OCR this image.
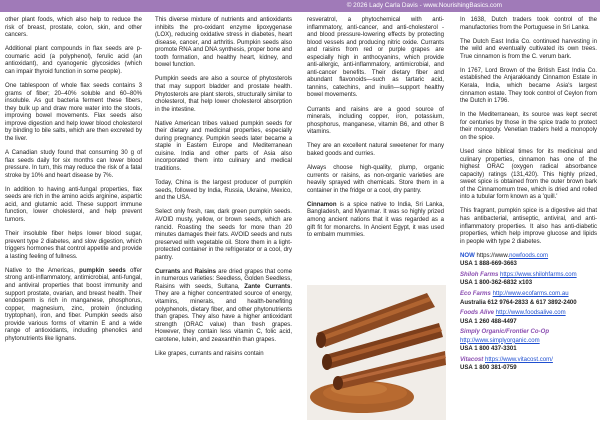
© 2026 Lady Carla Davis - www.NourishingBasics.com

other plant foods, which also help to reduce the risk of breast, prostate, colon, skin, and other cancers.

Additional plant compounds in flax seeds are p-coumaric acid (a polyphenol), ferulic acid (an antioxidant), and cyanogenic glycosides (which can impair thyroid function in some people).

One tablespoon of whole flax seeds contains 3 grams of fiber; 20–40% soluble and 60–80% insoluble. As gut bacteria ferment these fibers, they bulk up and draw more water into the stools, improving bowel movements. Flax seeds also improve digestion and help lower blood cholesterol by binding to bile salts, which are then excreted by the liver.

A Canadian study found that consuming 30 g of flax seeds daily for six months can lower blood pressure. In turn, this may reduce the risk of a fatal stroke by 10% and heart disease by 7%.

In addition to having anti-fungal properties, flax seeds are rich in the amino acids arginine, aspartic acid, and glutamic acid. These support immune function, lower cholesterol, and help prevent tumors.

Their insoluble fiber helps lower blood sugar, prevent type 2 diabetes, and slow digestion, which triggers hormones that control appetite and provide a lasting feeling of fullness.

Native to the Americas, pumpkin seeds offer strong anti-inflammatory, antimicrobial, anti-fungal, and antiviral properties that boost immunity and support prostate, ovarian, and breast health. Their endosperm is rich in manganese, phosphorus, copper, magnesium, zinc, protein (including tryptophan), iron, and fiber. Pumpkin seeds also provide various forms of vitamin E and a wide range of antioxidants, including phenolics and phytonutrients like lignans.

This diverse mixture of nutrients and antioxidants inhibits the pro-oxidant enzyme lipoxygenase (LOX), reducing oxidative stress in diabetes, heart disease, cancer, and arthritis. Pumpkin seeds also promote RNA and DNA synthesis, proper bone and tooth formation, and healthy heart, kidney, and bowel function.

Pumpkin seeds are also a source of phytosterols that may support bladder and prostate health. Phytosterols are plant sterols, structurally similar to cholesterol, that help lower cholesterol absorption in the intestine.

Native American tribes valued pumpkin seeds for their dietary and medicinal properties, especially during pregnancy. Pumpkin seeds later became a staple in Eastern Europe and Mediterranean cuisine. India and other parts of Asia also incorporated them into culinary and medical traditions.

Today, China is the largest producer of pumpkin seeds, followed by India, Russia, Ukraine, Mexico, and the USA.

Select only fresh, raw, dark green pumpkin seeds. AVOID musty, yellow, or brown seeds, which are rancid. Roasting the seeds for more than 20 minutes damages their fats. AVOID seeds and nuts preserved with vegetable oil. Store them in a light-protected container in the refrigerator or a cool, dry pantry.

Currants and Raisins are dried grapes that come in numerous varieties: Seedless, Golden Seedless, Raisins with seeds, Sultana, Zante Currants. They are a higher concentrated source of energy, vitamins, minerals, and health-benefiting polyphenols, dietary fiber, and other phytonutrients than grapes. They also have a higher antioxidant strength (ORAC value) than fresh grapes. However, they contain less vitamin C, folic acid, carotene, lutein, and zeaxanthin than grapes.

Like grapes, currants and raisins contain

resveratrol, a phytochemical with anti-inflammatory, anti-cancer, and anti-cholesterol - and blood pressure-lowering effects by protecting blood vessels and producing nitric oxide. Currants and raisins from red or purple grapes are especially high in anthocyanins, which provide anti-allergic, anti-inflammatory, antimicrobial, and anti-cancer benefits. Their dietary fiber and abundant flavonoids—such as tartaric acid, tannins, catechins, and inulin—support healthy bowel movements.

Currants and raisins are a good source of minerals, including copper, iron, potassium, phosphorus, manganese, vitamin B6, and other B vitamins.

They are an excellent natural sweetener for many baked goods and curries.

Always choose high-quality, plump, organic currents or raisins, as non-organic varieties are heavily sprayed with chemicals. Store them in a container in the fridge or a cool, dry pantry.

Cinnamon is a spice native to India, Sri Lanka, Bangladesh, and Myanmar. It was so highly prized among ancient nations that it was regarded as a gift fit for monarchs. In Ancient Egypt, it was used to embalm mummies.

In 1638, Dutch traders took control of the manufactories from the Portuguese in Sri Lanka.

The Dutch East India Co. continued harvesting in the wild and eventually cultivated its own trees. True cinnamon is from the C. verum bark.

In 1767, Lord Brown of the British East India Co. established the Anjarakkandy Cinnamon Estate in Kerala, India, which became Asia's largest cinnamon estate. They took control of Ceylon from the Dutch in 1796.

In the Mediterranean, its source was kept secret for centuries by those in the spice trade to protect their monopoly. Venetian traders held a monopoly on the spice.

Used since biblical times for its medicinal and culinary properties, cinnamon has one of the highest ORAC (oxygen radical absorbance capacity) ratings (131,420). This highly prized, sweet spice is obtained from the outer brown bark of the Cinnamomum tree, which is dried and rolled into a tubular form known as a 'quill.'

This fragrant, pumpkin spice is a digestive aid that has antibacterial, antiseptic, antiviral, and anti-inflammatory properties. It also has anti-diabetic properties, which help improve glucose and lipids in people with type 2 diabetes.

NOW https://www.nowfoods.com

USA 1 888-669-3663

Shiloh Farms https://www.shilohfarms.com

USA 1 800-362-6832 x103

Eco Farms http://www.ecofarms.com.au

Australia 612 9764-2833 & 617 3892-2400

Foods Alive http://www.foodsalive.com

USA 1 260 488-4497

Simply Organic/Frontier Co-Op

http://www.simplyorganic.com

USA 1 800 437-3301

Vitacost https://www.vitacost.com/

USA 1 800 381-0759
